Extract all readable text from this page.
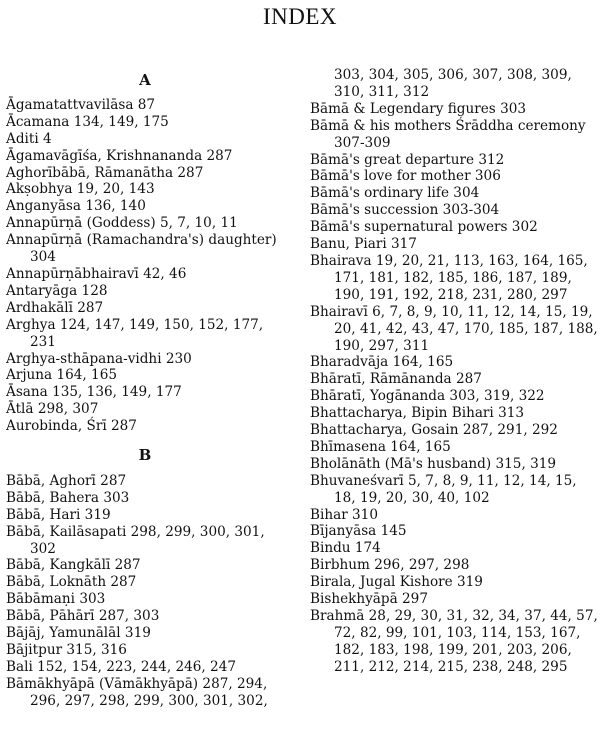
INDEX
A

Āgamatattvavilāsa 87

Ācamana 134, 149, 175

Aditi 4

Āgamavāgīśa, Krishnananda 287

Aghorībābā, Rāmanātha 287

Akṣobhya 19, 20, 143

Anganyāsa 136, 140

Annapūrṇā (Goddess) 5, 7, 10, 11

Annapūrṇā (Ramachandra's) daughter) 304

Annapūrṇābhairavī 42, 46

Antaryāga 128

Ardhakālī 287

Arghya 124, 147, 149, 150, 152, 177, 231

Arghya-sthāpana-vidhi 230

Arjuna 164, 165

Āsana 135, 136, 149, 177

Ātlā 298, 307

Aurobinda, Śrī 287

B

Bābā, Aghorī 287

Bābā, Bahera 303

Bābā, Hari 319

Bābā, Kailāsapati 298, 299, 300, 301, 302

Bābā, Kangkālī 287

Bābā, Loknāth 287

Bābāmaṇi 303

Bābā, Pāhārī 287, 303

Bājāj, Yamunālāl 319

Bājitpur 315, 316

Bali 152, 154, 223, 244, 246, 247

Bāmākhyāpā (Vāmākhyāpā) 287, 294, 296, 297, 298, 299, 300, 301, 302,

303, 304, 305, 306, 307, 308, 309, 310, 311, 312

Bāmā & Legendary figures 303

Bāmā & his mothers Śrāddha ceremony 307-309

Bāmā's great departure 312

Bāmā's love for mother 306

Bāmā's ordinary life 304

Bāmā's succession 303-304

Bāmā's supernatural powers 302

Banu, Piari 317

Bhairava 19, 20, 21, 113, 163, 164, 165, 171, 181, 182, 185, 186, 187, 189, 190, 191, 192, 218, 231, 280, 297

Bhairavī 6, 7, 8, 9, 10, 11, 12, 14, 15, 19, 20, 41, 42, 43, 47, 170, 185, 187, 188, 190, 297, 311

Bharadvāja 164, 165

Bhāratī, Rāmānanda 287

Bhāratī, Yogānanda 303, 319, 322

Bhattacharya, Bipin Bihari 313

Bhattacharya, Gosain 287, 291, 292

Bhīmasena 164, 165

Bholānāth (Mā's husband) 315, 319

Bhuvaneśvarī 5, 7, 8, 9, 11, 12, 14, 15, 18, 19, 20, 30, 40, 102

Bihar 310

Bījanyāsa 145

Bindu 174

Birbhum 296, 297, 298

Birala, Jugal Kishore 319

Bishekhyāpā 297

Brahmā 28, 29, 30, 31, 32, 34, 37, 44, 57, 72, 82, 99, 101, 103, 114, 153, 167, 182, 183, 198, 199, 201, 203, 206, 211, 212, 214, 215, 238, 248, 295
